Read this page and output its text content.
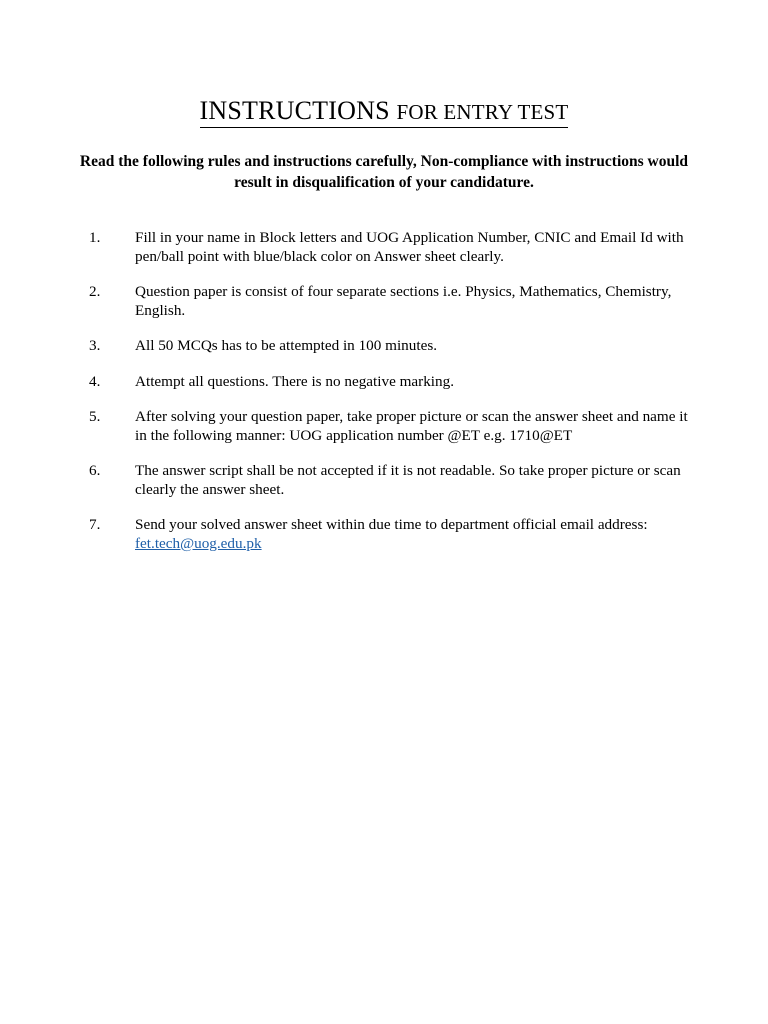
INSTRUCTIONS FOR ENTRY TEST
Read the following rules and instructions carefully, Non-compliance with instructions would result in disqualification of your candidature.
1. Fill in your name in Block letters and UOG Application Number, CNIC and Email Id with pen/ball point with blue/black color on Answer sheet clearly.
2. Question paper is consist of four separate sections i.e. Physics, Mathematics, Chemistry, English.
3. All 50 MCQs has to be attempted in 100 minutes.
4. Attempt all questions. There is no negative marking.
5. After solving your question paper, take proper picture or scan the answer sheet and name it in the following manner: UOG application number @ET e.g. 1710@ET
6. The answer script shall be not accepted if it is not readable. So take proper picture or scan clearly the answer sheet.
7. Send your solved answer sheet within due time to department official email address:
fet.tech@uog.edu.pk
